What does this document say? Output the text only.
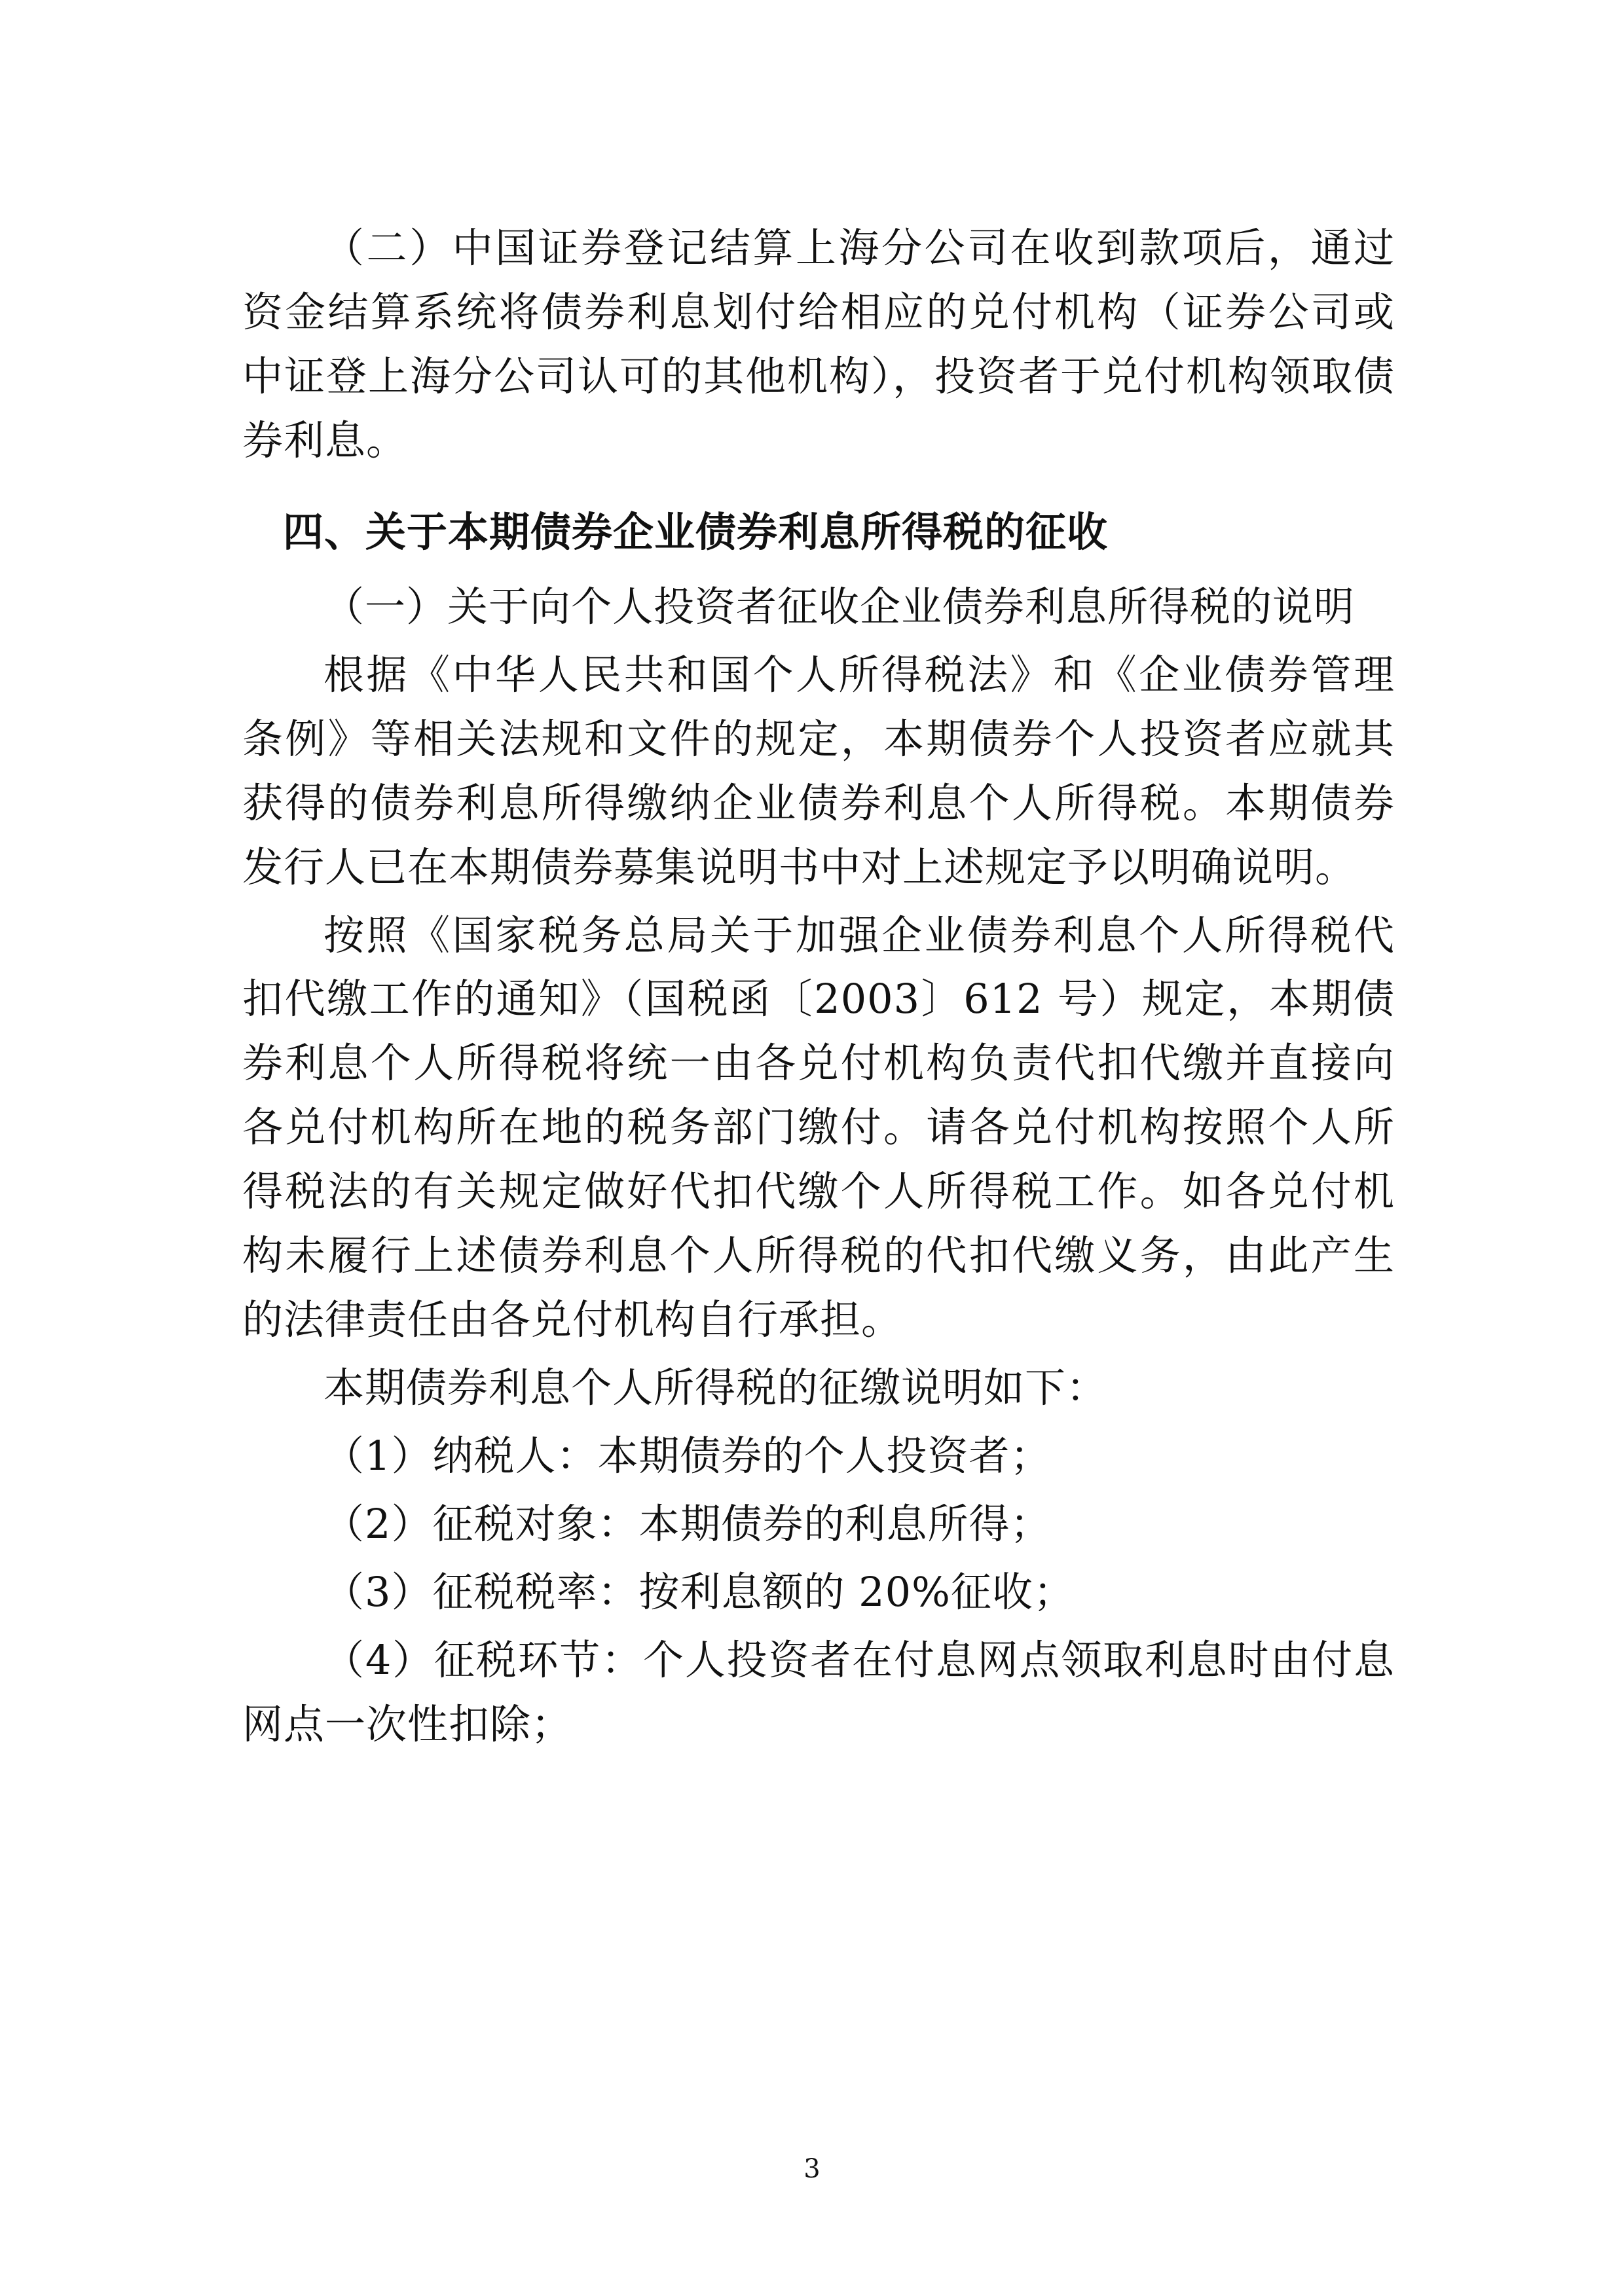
（二）中国证券登记结算上海分公司在收到款项后，通过资金结算系统将债券利息划付给相应的兑付机构（证券公司或中证登上海分公司认可的其他机构），投资者于兑付机构领取债券利息。

四、关于本期债券企业债券利息所得税的征收

（一）关于向个人投资者征收企业债券利息所得税的说明

根据《中华人民共和国个人所得税法》和《企业债券管理条例》等相关法规和文件的规定，本期债券个人投资者应就其获得的债券利息所得缴纳企业债券利息个人所得税。本期债券发行人已在本期债券募集说明书中对上述规定予以明确说明。

按照《国家税务总局关于加强企业债券利息个人所得税代扣代缴工作的通知》（国税函〔2003〕612 号）规定，本期债券利息个人所得税将统一由各兑付机构负责代扣代缴并直接向各兑付机构所在地的税务部门缴付。请各兑付机构按照个人所得税法的有关规定做好代扣代缴个人所得税工作。如各兑付机构未履行上述债券利息个人所得税的代扣代缴义务，由此产生的法律责任由各兑付机构自行承担。

本期债券利息个人所得税的征缴说明如下：

（1）纳税人：本期债券的个人投资者；

（2）征税对象：本期债券的利息所得；

（3）征税税率：按利息额的 20%征收；

（4）征税环节：个人投资者在付息网点领取利息时由付息网点一次性扣除；

3
